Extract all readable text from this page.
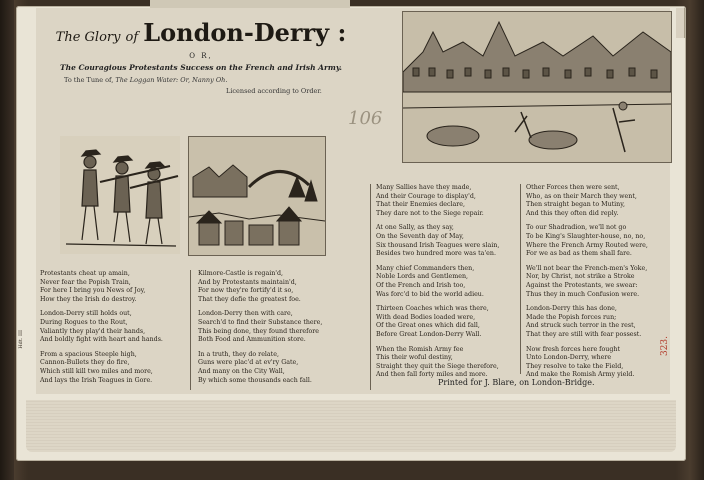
Hdt. III
The Glory of London-Derry :
O R,
The Couragious Protestants Success on the French and Irish Army.
To the Tune of, The Loggan Water: Or, Nanny Oh.
Licensed according to Order.
106
Protestants cheat up amain,
Never fear the Popish Train,
For here I bring you News of Joy,
How they the Irish do destroy.
London-Derry still holds out,
During Rogues to the Rout,
Valiantly they play'd their hands,
And boldly fight with heart and hands.
From a spacious Steeple high,
Cannon-Bullets they do fire,
Which still kill two miles and more,
And lays the Irish Teagues in Gore.
Kilmore-Castle is regain'd,
And by Protestants maintain'd,
For now they're fortify'd it so,
That they defie the greatest foe.
London-Derry then with care,
Search'd to find their Substance there,
This being done, they found therefore
Both Food and Ammunition store.
In a truth, they do relate,
Guns were plac'd at ev'ry Gate,
And many on the City Wall,
By which some thousands each fall.
Many Sallies have they made,
And their Courage to display'd,
That their Enemies declare,
They dare not to the Siege repair.
At one Sally, as they say,
On the Seventh day of May,
Six thousand Irish Teagues were slain,
Besides two hundred more was ta'en.
Many chief Commanders then,
Noble Lords and Gentlemen,
Of the French and Irish too,
Was forc'd to bid the world adieu.
Thirteen Coaches which was there,
With dead Bodies loaded were,
Of the Great ones which did fall,
Before Great London-Derry Wall.
When the Romish Army fee
This their woful destiny,
Straight they quit the Siege therefore,
And then fall forty miles and more.
Other Forces then were sent,
Who, as on their March they went,
Then straight began to Mutiny,
And this they often did reply.
To our Shadradion, we'll not go
To be King's Slaughter-house, no, no,
Where the French Army Routed were,
For we as bad as them shall fare.
We'll not bear the French-men's Yoke,
Nor, by Christ, not strike a Stroke
Against the Protestants, we swear:
Thus they in much Confusion were.
London-Derry this has done,
Made the Popish forces run;
And struck such terror in the rest,
That they are still with fear possest.
Now fresh forces here fought
Unto London-Derry, where
They resolve to take the Field,
And make the Romish Army yield.
Printed for J. Blare, on London-Bridge.
323.
